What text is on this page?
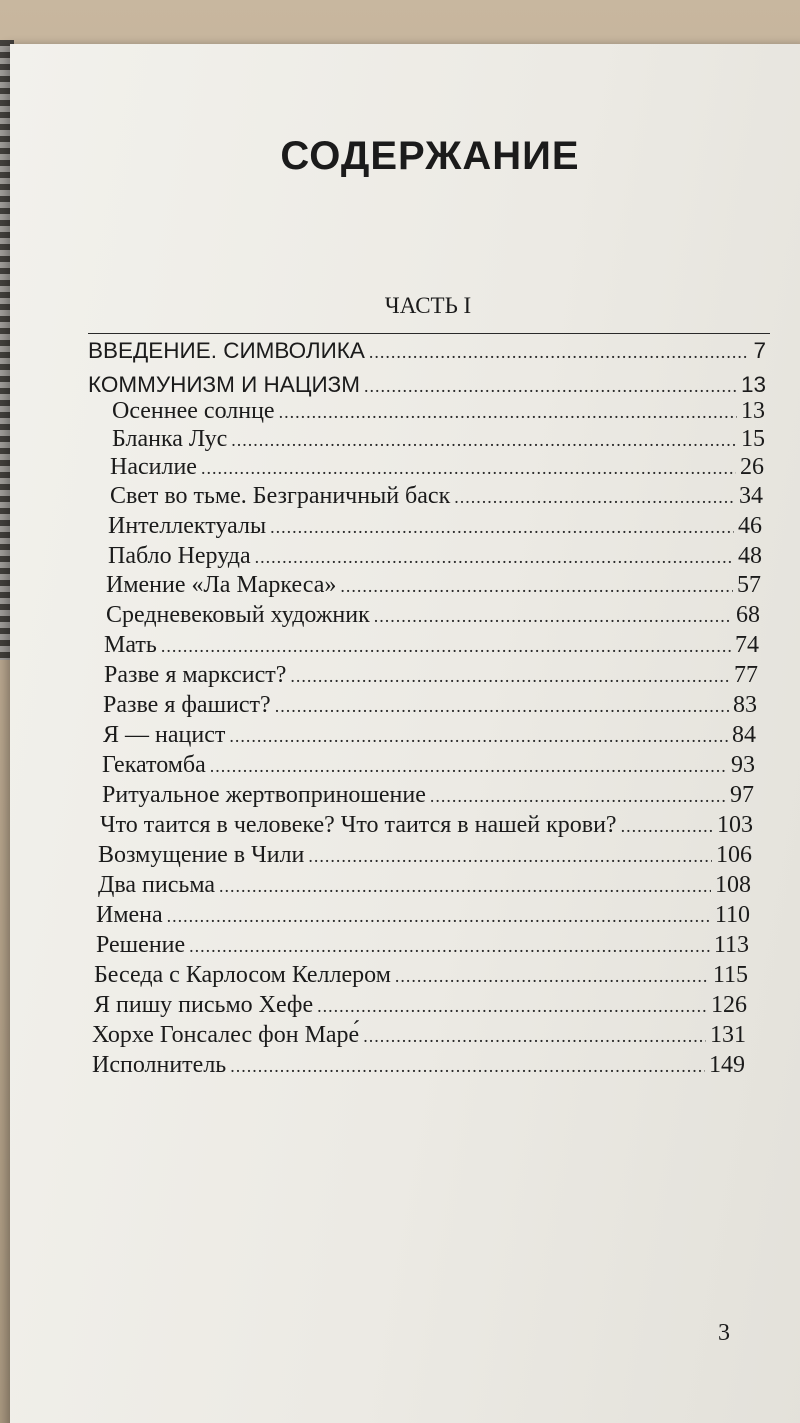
СОДЕРЖАНИЕ
ЧАСТЬ I
ВВЕДЕНИЕ. СИМВОЛИКА .....	7
КОММУНИЗМ И НАЦИЗМ .....	13
Осеннее солнце .....	13
Бланка Лус .....	15
Насилие .....	26
Свет во тьме. Безграничный баск .....	34
Интеллектуалы .....	46
Пабло Неруда .....	48
Имение «Ла Маркеса» .....	57
Средневековый художник .....	68
Мать .....	74
Разве я марксист? .....	77
Разве я фашист? .....	83
Я — нацист .....	84
Гекатомба .....	93
Ритуальное жертвоприношение .....	97
Что таится в человеке? Что таится в нашей крови? .....	103
Возмущение в Чили .....	106
Два письма .....	108
Имена .....	110
Решение .....	113
Беседа с Карлосом Келлером .....	115
Я пишу письмо Хефе .....	126
Хорхе Гонсалес фон Маре́ .....	131
Исполнитель .....	149
3
